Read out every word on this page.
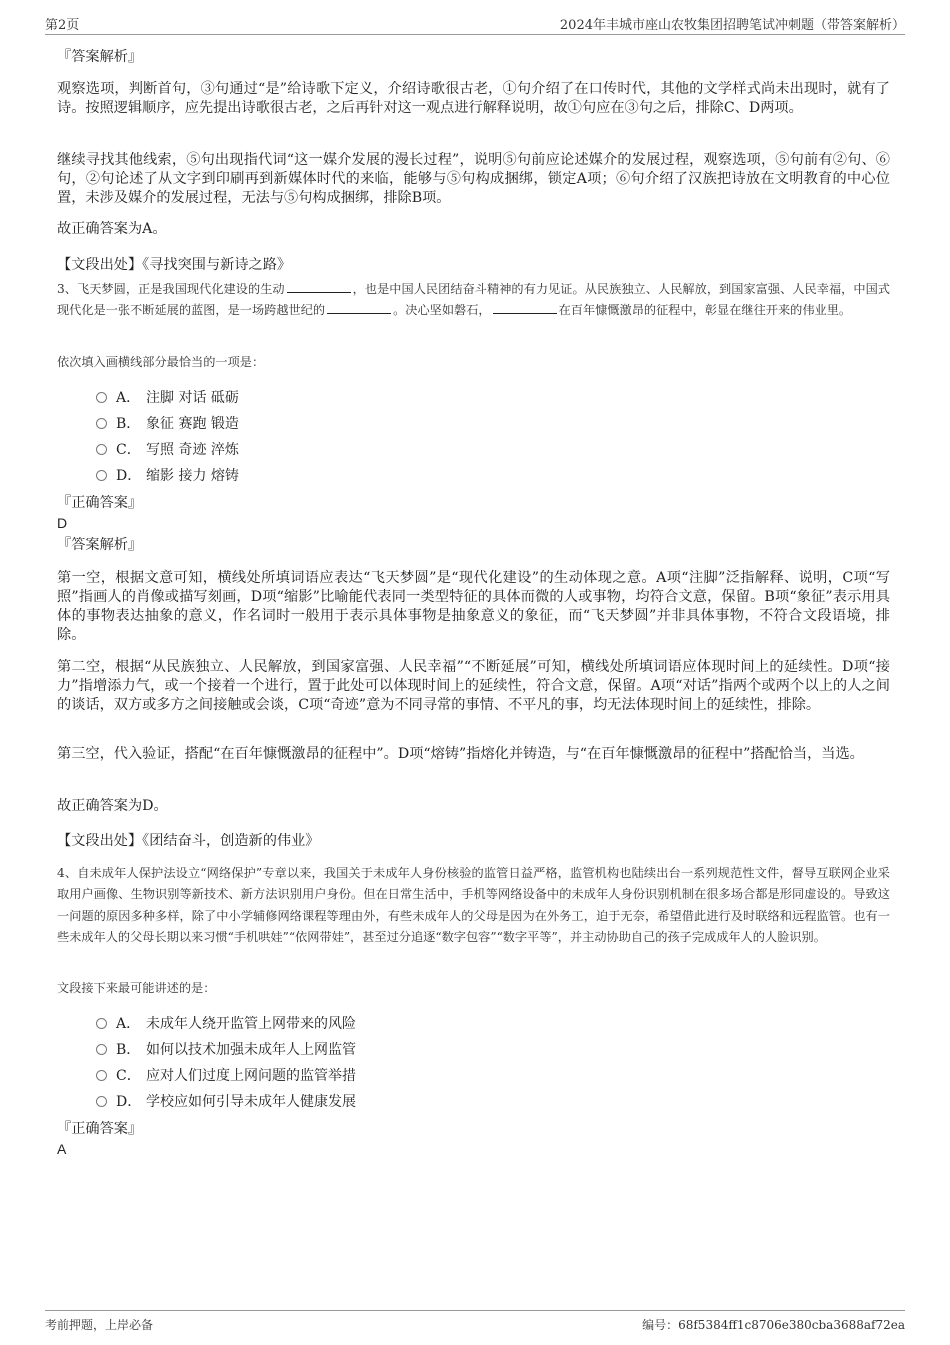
第2页	2024年丰城市座山农牧集团招聘笔试冲刺题（带答案解析）
『答案解析』

观察选项，判断首句，③句通过“是”给诗歌下定义，介绍诗歌很古老，①句介绍了在口传时代，其他的文学样式尚未出现时，就有了诗。按照逻辑顺序，应先提出诗歌很古老，之后再针对这一观点进行解释说明，故①句应在③句之后，排除C、D两项。

继续寻找其他线索，⑤句出现指代词“这一媒介发展的漫长过程”，说明⑤句前应论述媒介的发展过程，观察选项，⑤句前有②句、⑥句，②句论述了从文字到印刷再到新媒体时代的来临，能够与⑤句构成捆绑，锁定A项；⑥句介绍了汉族把诗放在文明教育的中心位置，未涉及媒介的发展过程，无法与⑤句构成捆绑，排除B项。

故正确答案为A。

【文段出处】《寻找突围与新诗之路》

3、飞天梦圆，正是我国现代化建设的生动	，也是中国人民团结奋斗精神的有力见证。从民族独立、人民解放，到国家富强、人民幸福，中国式现代化是一张不断延展的蓝图，是一场跨越世纪的	。决心坚如磐石，	在百年慷慨激昂的征程中，彰显在继往开来的伟业里。

依次填入画横线部分最恰当的一项是：

A． 注脚 对话 砥砺
B． 象征 赛跑 锻造
C． 写照 奇迹 淬炼
D． 缩影 接力 熔铸
『正确答案』
D
『答案解析』

第一空，根据文意可知，横线处所填词语应表达“飞天梦圆”是“现代化建设”的生动体现之意。A项“注脚”泛指解释、说明，C项“写照”指画人的肖像或描写刻画，D项“缩影”比喻能代表同一类型特征的具体而微的人或事物，均符合文意，保留。B项“象征”表示用具体的事物表达抽象的意义，作名词时一般用于表示具体事物是抽象意义的象征，而“飞天梦圆”并非具体事物，不符合文段语境，排除。

第二空，根据“从民族独立、人民解放，到国家富强、人民幸福”“不断延展”可知，横线处所填词语应体现时间上的延续性。D项“接力”指增添力气，或一个接着一个进行，置于此处可以体现时间上的延续性，符合文意，保留。A项“对话”指两个或两个以上的人之间的谈话，双方或多方之间接触或会谈，C项“奇迹”意为不同寻常的事情、不平凡的事，均无法体现时间上的延续性，排除。

第三空，代入验证，搭配“在百年慷慨激昂的征程中”。D项“熔铸”指熔化并铸造，与“在百年慷慨激昂的征程中”搭配恰当，当选。

故正确答案为D。

【文段出处】《团结奋斗，创造新的伟业》

4、自未成年人保护法设立“网络保护”专章以来，我国关于未成年人身份核验的监管日益严格，监管机构也陆续出台一系列规范性文件，督导互联网企业采取用户画像、生物识别等新技术、新方法识别用户身份。但在日常生活中，手机等网络设备中的未成年人身份识别机制在很多场合都是形同虚设的。导致这一问题的原因多种多样，除了中小学辅修网络课程等理由外，有些未成年人的父母是因为在外务工，迫于无奈，希望借此进行及时联络和远程监管。也有一些未成年人的父母长期以来习惯“手机哄娃”“依网带娃”，甚至过分追逐“数字包容”“数字平等”，并主动协助自己的孩子完成成年人的人脸识别。

文段接下来最可能讲述的是：

A． 未成年人绕开监管上网带来的风险
B． 如何以技术加强未成年人上网监管
C． 应对人们过度上网问题的监管举措
D． 学校应如何引导未成年人健康发展
『正确答案』
A
考前押题，上岸必备	编号：68f5384ff1c8706e380cba3688af72ea
